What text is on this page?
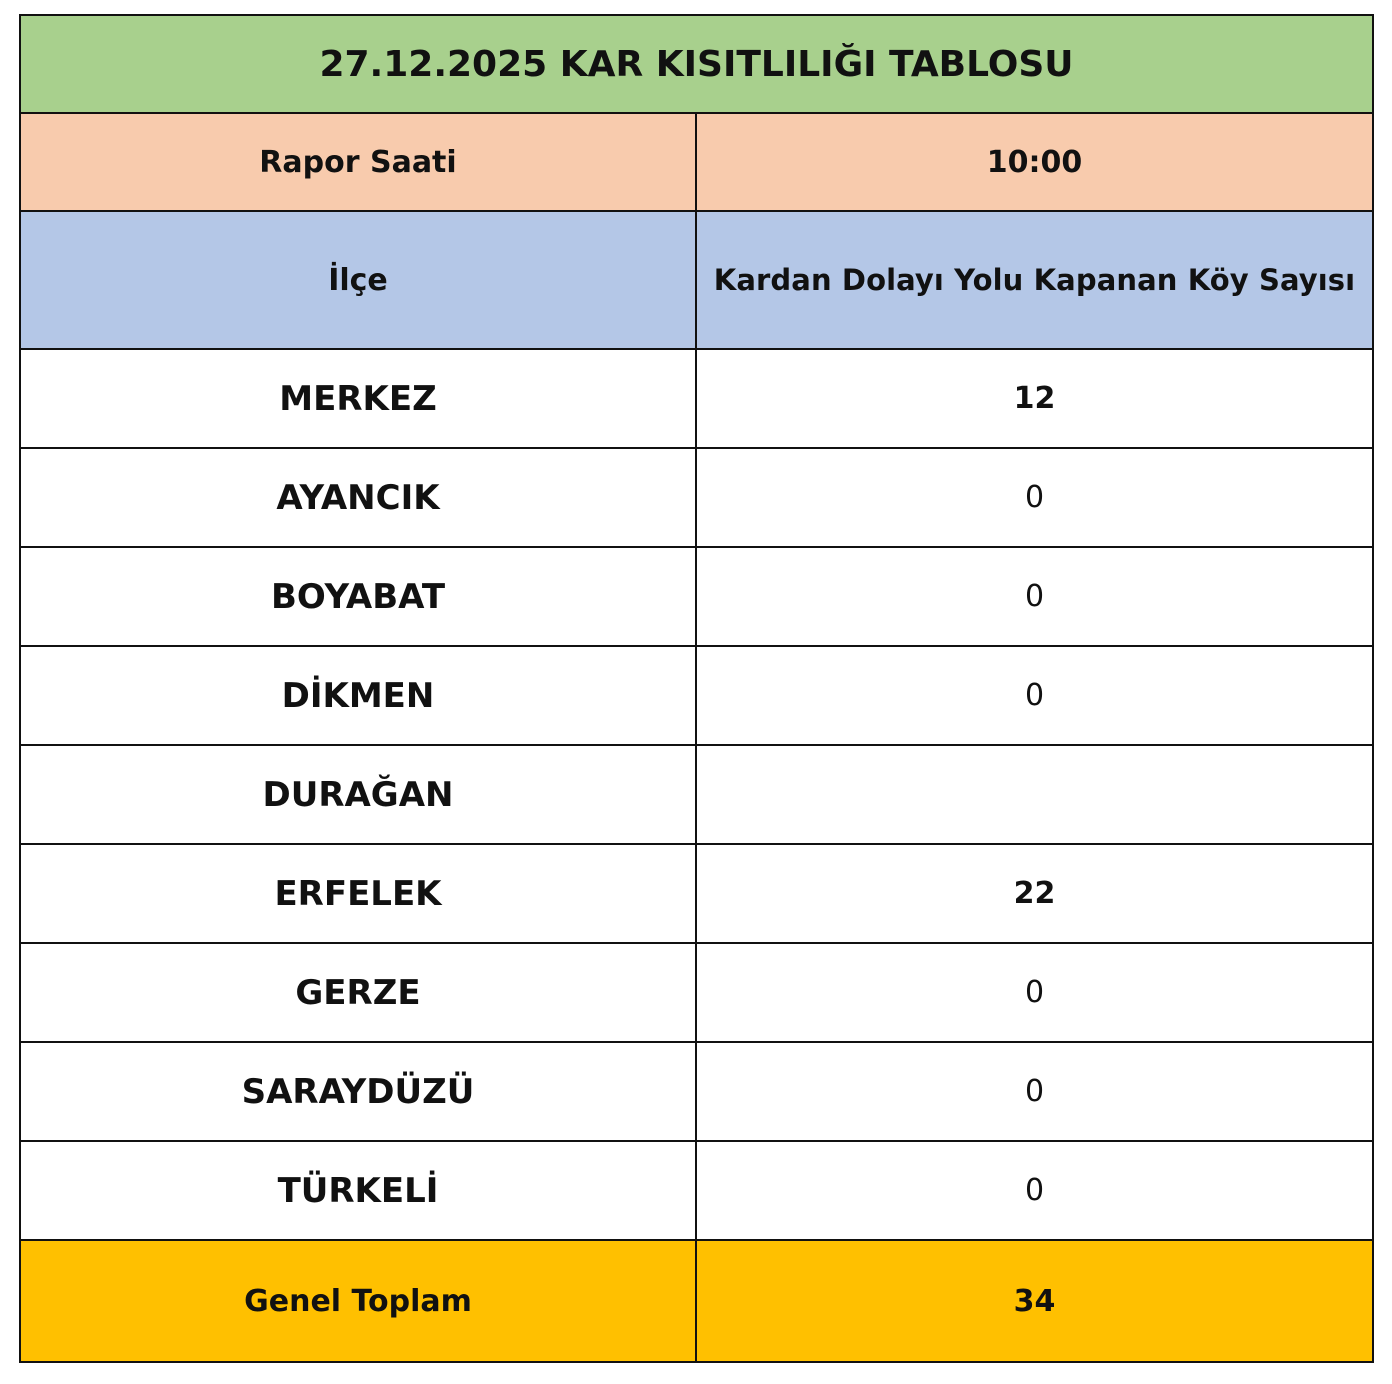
27.12.2025 KAR KISITLILIĞI TABLOSU	
Rapor Saati	10:00
İlçe	Kardan Dolayı Yolu Kapanan Köy Sayısı
MERKEZ	12
AYANCIK	0
BOYABAT	0
DİKMEN	0
DURAĞAN	
ERFELEK	22
GERZE	0
SARAYDÜZÜ	0
TÜRKELİ	0
Genel Toplam	34
